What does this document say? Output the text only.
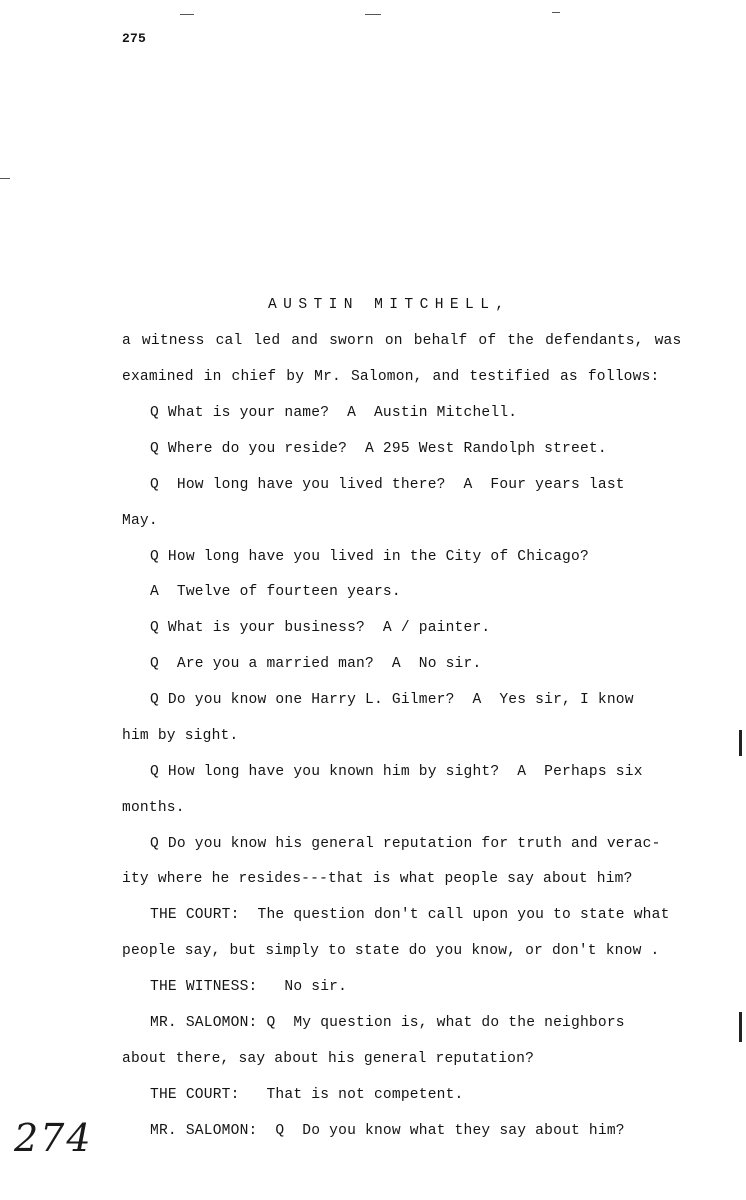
275
AUSTIN MITCHELL,
a witness cal led and sworn on behalf of the defendants, was
examined in chief by Mr. Salomon, and testified as follows:
Q What is your name?  A  Austin Mitchell.
Q Where do you reside?  A 295 West Randolph street.
Q  How long have you lived there?  A  Four years last
May.
Q How long have you lived in the City of Chicago?
A  Twelve of fourteen years.
Q What is your business?  A / painter.
Q  Are you a married man?  A  No sir.
Q Do you know one Harry L. Gilmer?  A  Yes sir, I know
him by sight.
Q How long have you known him by sight?  A  Perhaps six
months.
Q Do you know his general reputation for truth and verac-
ity where he resides---that is what people say about him?
THE COURT:  The question don't call upon you to state what
people say, but simply to state do you know, or don't know .
THE WITNESS:   No sir.
MR. SALOMON: Q  My question is, what do the neighbors
about there, say about his general reputation?
THE COURT:   That is not competent.
MR. SALOMON:  Q  Do you know what they say about him?
274
